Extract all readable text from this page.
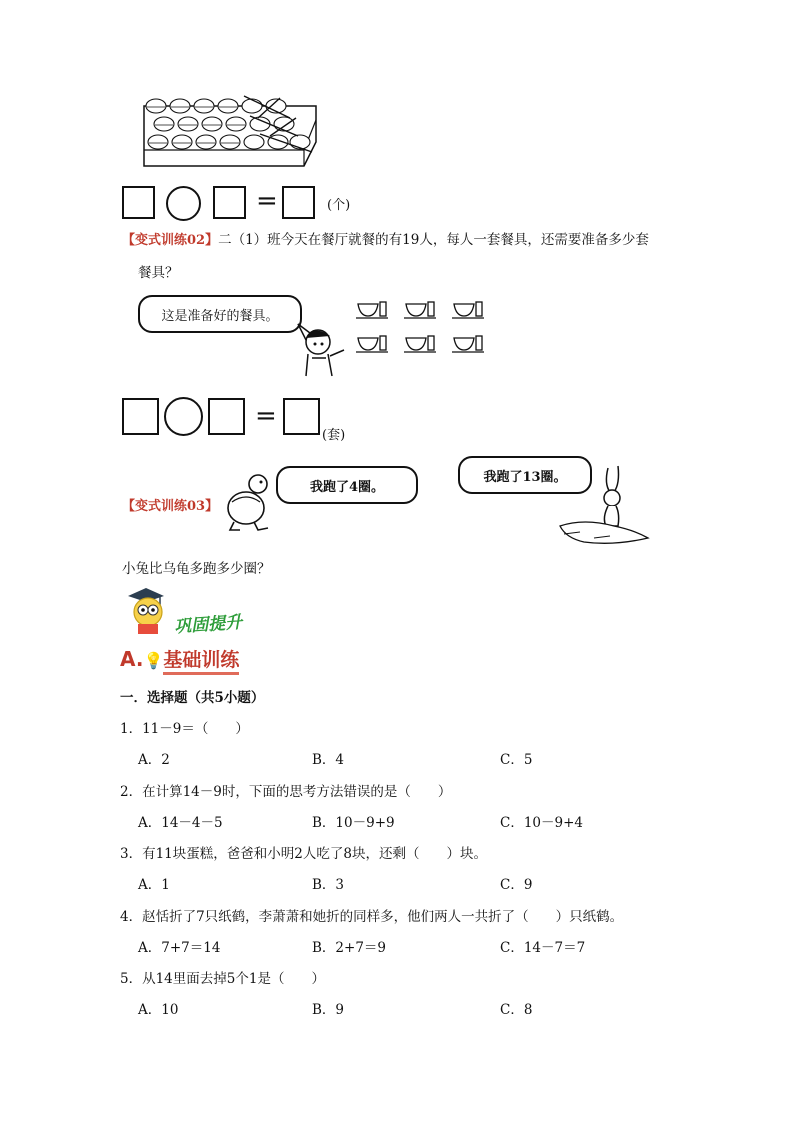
=	(个)
【变式训练02】二（1）班今天在餐厅就餐的有19人，每人一套餐具，还需要准备多少套
餐具？
这是准备好的餐具。
=
(套)
【变式训练03】
我跑了4圈。
我跑了13圈。
小兔比乌龟多跑多少圈？
巩固提升
A.💡基础训练
一．选择题（共5小题）
1．11－9＝（　　）
A．2	B．4	C．5
2．在计算14－9时，下面的思考方法错误的是（　　）
A．14－4－5	B．10－9+9	C．10－9+4
3．有11块蛋糕，爸爸和小明2人吃了8块，还剩（　　）块。
A．1	B．3	C．9
4．赵恬折了7只纸鹤，李萧萧和她折的同样多，他们两人一共折了（　　）只纸鹤。
A．7+7＝14	B．2+7＝9	C．14－7＝7
5．从14里面去掉5个1是（　　）
A．10	B．9	C．8
